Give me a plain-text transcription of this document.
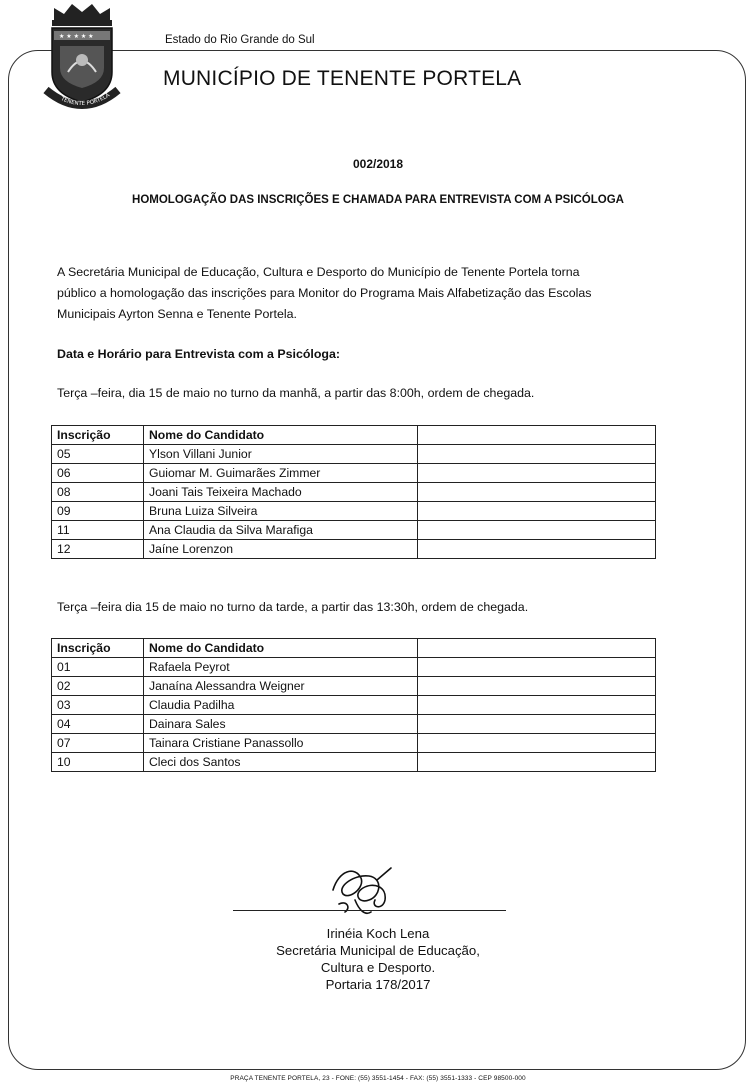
★ ★ ★ ★ ★
TENENTE PORTELA
Estado do Rio Grande do Sul
MUNICÍPIO DE TENENTE PORTELA
002/2018
HOMOLOGAÇÃO DAS INSCRIÇÕES E CHAMADA PARA ENTREVISTA COM A PSICÓLOGA
A Secretária Municipal de Educação, Cultura e Desporto do Município de Tenente Portela torna
público a homologação das inscrições para Monitor do Programa Mais Alfabetização das Escolas
Municipais Ayrton Senna e Tenente Portela.
Data e Horário para Entrevista com a Psicóloga:
Terça –feira, dia 15 de maio no turno da manhã, a partir das 8:00h, ordem de chegada.
Inscrição	Nome do Candidato	
05	Ylson Villani Junior	
06	Guiomar M. Guimarães Zimmer	
08	Joani Tais Teixeira Machado	
09	Bruna Luiza Silveira	
11	Ana Claudia da Silva Marafiga	
12	Jaíne Lorenzon	
Terça –feira dia 15 de maio no turno da tarde, a partir das 13:30h, ordem de chegada.
Inscrição	Nome do Candidato	
01	Rafaela Peyrot	
02	Janaína Alessandra Weigner	
03	Claudia Padilha	
04	Dainara Sales	
07	Tainara Cristiane Panassollo	
10	Cleci dos Santos	
Irinéia Koch Lena
Secretária Municipal de Educação,
Cultura e Desporto.
Portaria 178/2017
PRAÇA TENENTE PORTELA, 23 - FONE: (55) 3551-1454 - FAX: (55) 3551-1333 - CEP 98500-000
